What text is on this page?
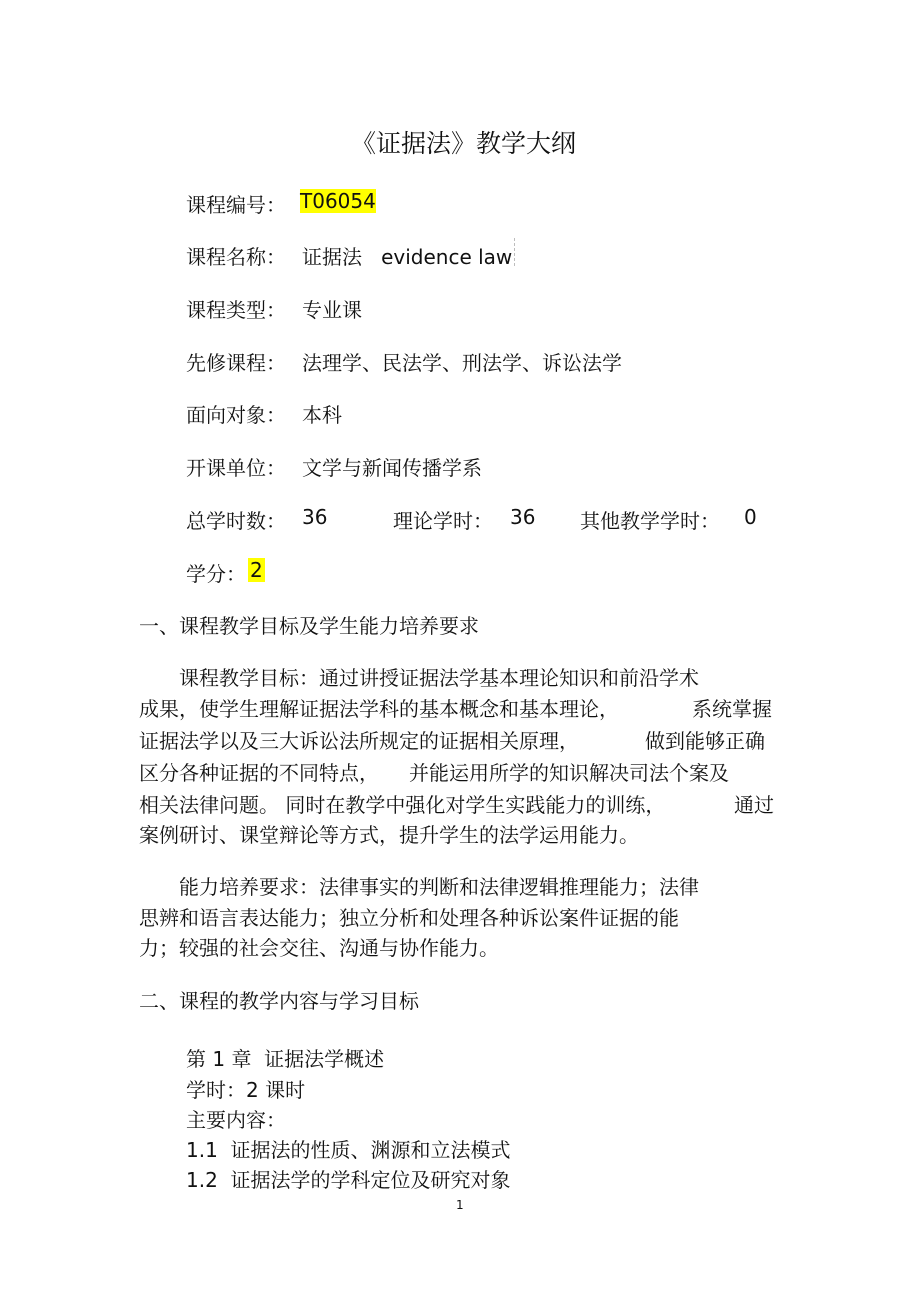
《证据法》教学大纲
课程编号： T06054
课程名称： 证据法   evidence law
课程类型： 专业课
先修课程： 法理学、民法学、刑法学、诉讼法学
面向对象： 本科
开课单位： 文学与新闻传播学系
总学时数： 36	理论学时： 36 其他教学学时： 0
学分： 2
一、课程教学目标及学生能力培养要求
课程教学目标：通过讲授证据法学基本理论知识和前沿学术
成果，使学生理解证据法学科的基本概念和基本理论，	系统掌握
证据法学以及三大诉讼法所规定的证据相关原理，	做到能够正确
区分各种证据的不同特点， 并能运用所学的知识解决司法个案及
相关法律问题。 同时在教学中强化对学生实践能力的训练，	通过
案例研讨、课堂辩论等方式，提升学生的法学运用能力。
能力培养要求：法律事实的判断和法律逻辑推理能力；法律
思辨和语言表达能力；独立分析和处理各种诉讼案件证据的能
力；较强的社会交往、沟通与协作能力。
二、课程的教学内容与学习目标
第 1 章  证据法学概述
学时：2 课时
主要内容：
1.1  证据法的性质、渊源和立法模式
1.2  证据法学的学科定位及研究对象
1
